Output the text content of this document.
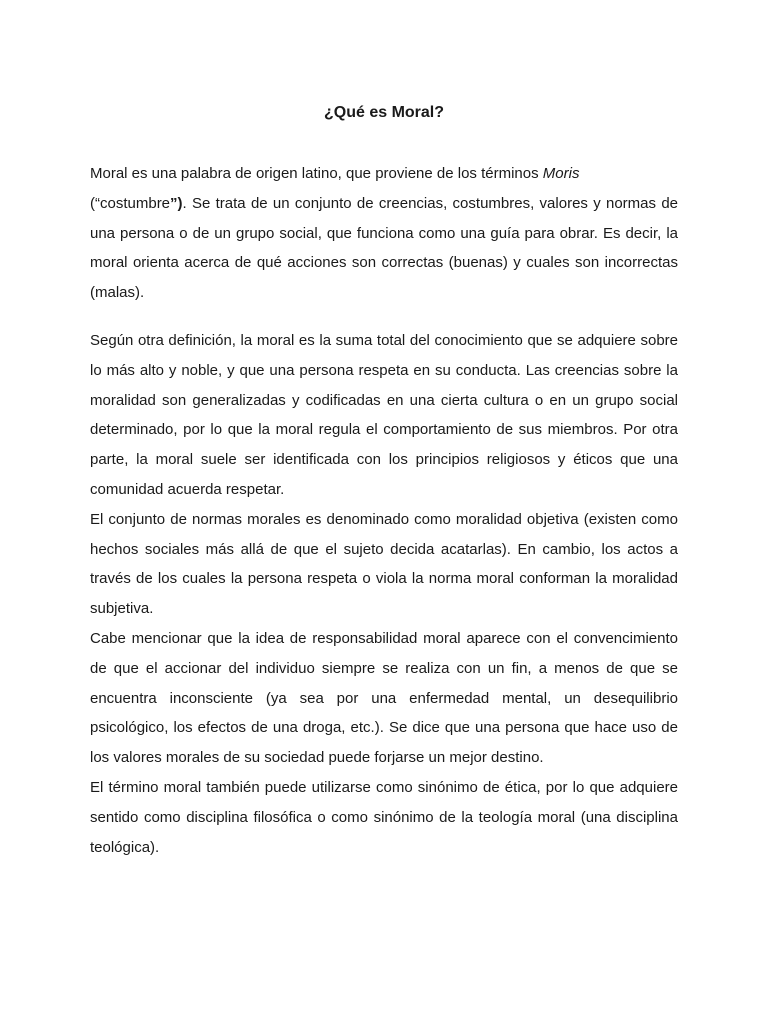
¿Qué es Moral?

Moral es una palabra de origen latino, que proviene de los términos Moris
(“costumbre”). Se trata de un conjunto de creencias, costumbres, valores y normas de una persona o de un grupo social, que funciona como una guía para obrar. Es decir, la moral orienta acerca de qué acciones son correctas (buenas) y cuales son incorrectas (malas).

Según otra definición, la moral es la suma total del conocimiento que se adquiere sobre lo más alto y noble, y que una persona respeta en su conducta. Las creencias sobre la moralidad son generalizadas y codificadas en una cierta cultura o en un grupo social determinado, por lo que la moral regula el comportamiento de sus miembros. Por otra parte, la moral suele ser identificada con los principios religiosos y éticos que una comunidad acuerda respetar.

El conjunto de normas morales es denominado como moralidad objetiva (existen como hechos sociales más allá de que el sujeto decida acatarlas). En cambio, los actos a través de los cuales la persona respeta o viola la norma moral conforman la moralidad subjetiva.

Cabe mencionar que la idea de responsabilidad moral aparece con el convencimiento de que el accionar del individuo siempre se realiza con un fin, a menos de que se encuentra inconsciente (ya sea por una enfermedad mental, un desequilibrio psicológico, los efectos de una droga, etc.). Se dice que una persona que hace uso de los valores morales de su sociedad puede forjarse un mejor destino.

El término moral también puede utilizarse como sinónimo de ética, por lo que adquiere sentido como disciplina filosófica o como sinónimo de la teología moral (una disciplina teológica).
